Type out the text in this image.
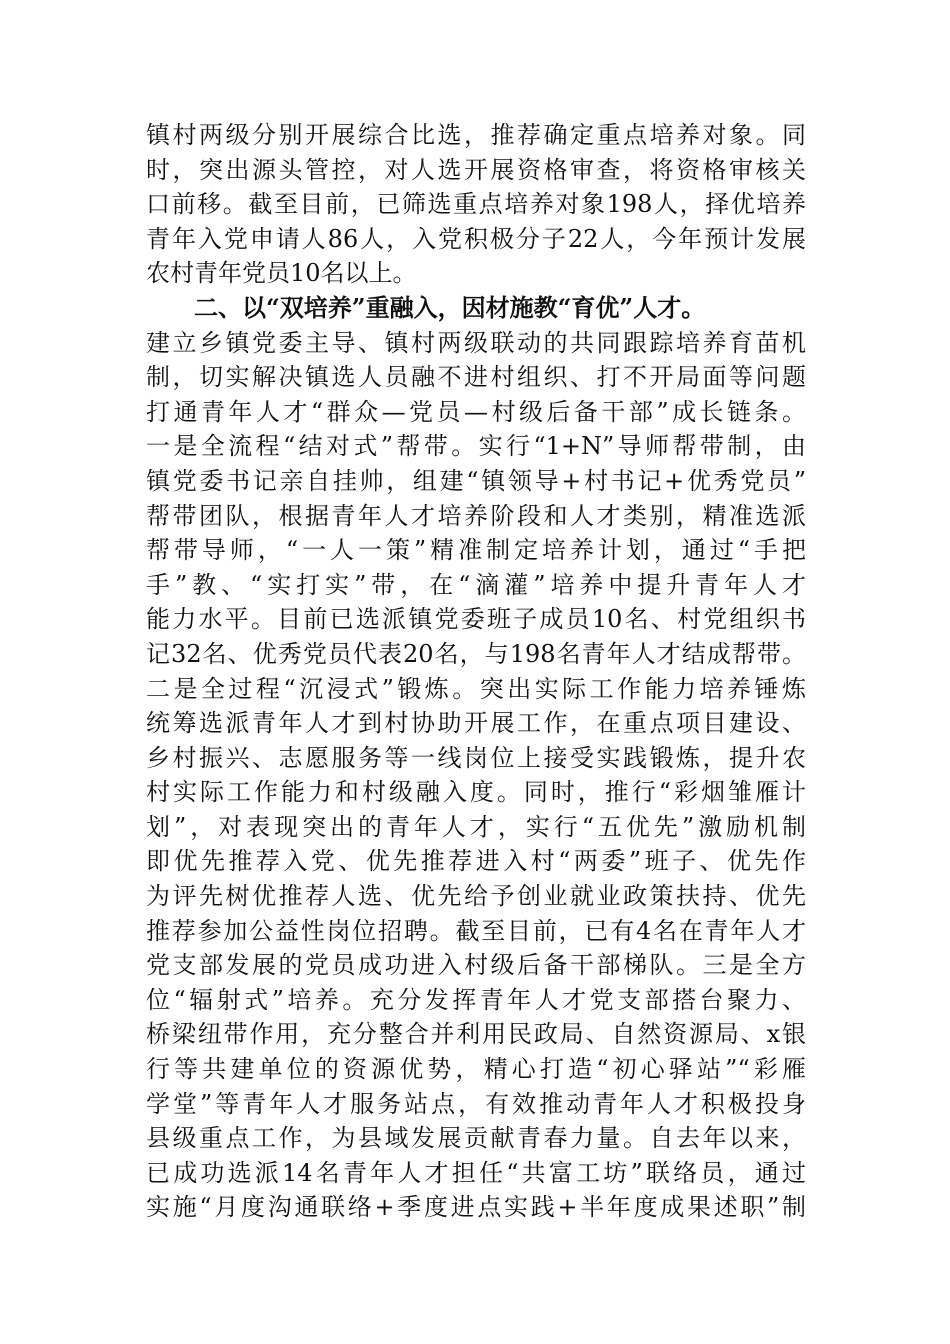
镇村两级分别开展综合比选，推荐确定重点培养对象。同
时，突出源头管控，对人选开展资格审查，将资格审核关
口前移。截至目前，已筛选重点培养对象198人，择优培养
青年入党申请人86人，入党积极分子22人，今年预计发展
农村青年党员10名以上。
二、以“双培养”重融入，因材施教“育优”人才。
建立乡镇党委主导、镇村两级联动的共同跟踪培养育苗机
制，切实解决镇选人员融不进村组织、打不开局面等问题
打通青年人才“群众—党员—村级后备干部”成长链条。
一是全流程“结对式”帮带。实行“1+N”导师帮带制，由
镇党委书记亲自挂帅，组建“镇领导+村书记+优秀党员”
帮带团队，根据青年人才培养阶段和人才类别，精准选派
帮带导师，“一人一策”精准制定培养计划，通过“手把
手”教、“实打实”带，在“滴灌”培养中提升青年人才
能力水平。目前已选派镇党委班子成员10名、村党组织书
记32名、优秀党员代表20名，与198名青年人才结成帮带。
二是全过程“沉浸式”锻炼。突出实际工作能力培养锤炼
统筹选派青年人才到村协助开展工作，在重点项目建设、
乡村振兴、志愿服务等一线岗位上接受实践锻炼，提升农
村实际工作能力和村级融入度。同时，推行“彩烟雏雁计
划”，对表现突出的青年人才，实行“五优先”激励机制
即优先推荐入党、优先推荐进入村“两委”班子、优先作
为评先树优推荐人选、优先给予创业就业政策扶持、优先
推荐参加公益性岗位招聘。截至目前，已有4名在青年人才
党支部发展的党员成功进入村级后备干部梯队。三是全方
位“辐射式”培养。充分发挥青年人才党支部搭台聚力、
桥梁纽带作用，充分整合并利用民政局、自然资源局、x银
行等共建单位的资源优势，精心打造“初心驿站”“彩雁
学堂”等青年人才服务站点，有效推动青年人才积极投身
县级重点工作，为县域发展贡献青春力量。自去年以来，
已成功选派14名青年人才担任“共富工坊”联络员，通过
实施“月度沟通联络+季度进点实践+半年度成果述职”制
